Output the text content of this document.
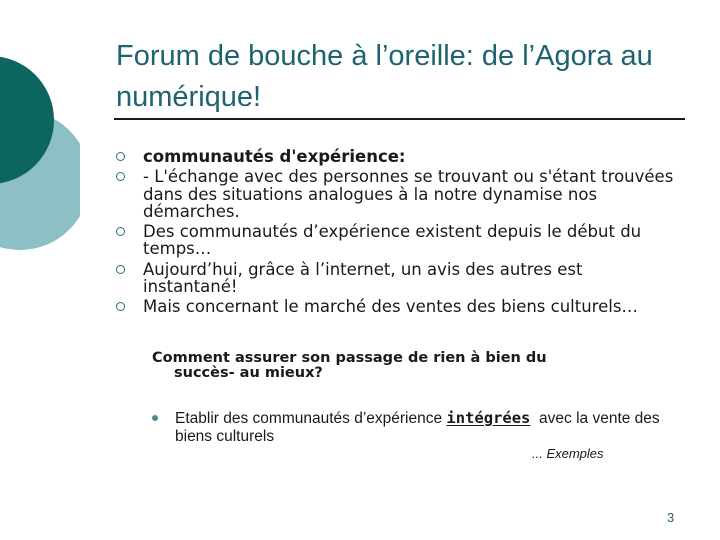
Forum de bouche à l’oreille: de l’Agora au numérique!
communautés d'expérience:
- L'échange avec des personnes se trouvant ou s'étant trouvées dans des situations analogues à la notre dynamise nos démarches.
Des communautés d’expérience existent depuis le début du temps…
Aujourd’hui, grâce à l’internet, un avis des autres est instantané!
Mais concernant le marché des ventes des biens culturels…
Comment assurer son passage de rien à bien du
succès- au mieux?
Etablir des communautés d’expérience intégrées avec la vente des biens culturels
... Exemples
3
